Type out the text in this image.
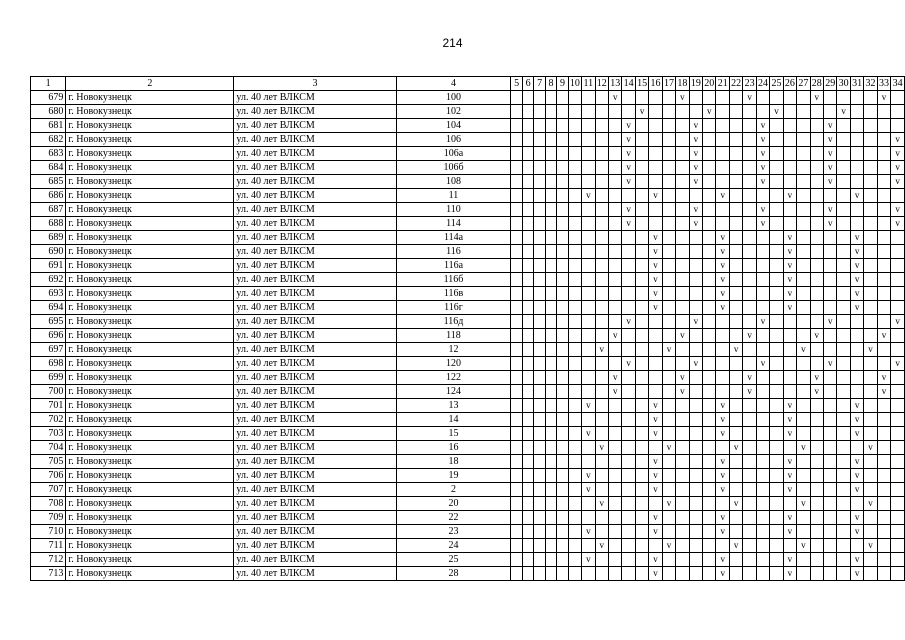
214
1	2	3	4	5	6	7	8	9	10	11	12	13	14	15	16	17	18	19	20	21	22	23	24	25	26	27	28	29	30	31	32	33	34
679	г. Новокузнецк	ул. 40 лет ВЛКСМ	100									v					v					v					v					v	
680	г. Новокузнецк	ул. 40 лет ВЛКСМ	102											v					v					v					v				
681	г. Новокузнецк	ул. 40 лет ВЛКСМ	104										v					v					v					v					
682	г. Новокузнецк	ул. 40 лет ВЛКСМ	106										v					v					v					v					v
683	г. Новокузнецк	ул. 40 лет ВЛКСМ	106а										v					v					v					v					v
684	г. Новокузнецк	ул. 40 лет ВЛКСМ	106б										v					v					v					v					v
685	г. Новокузнецк	ул. 40 лет ВЛКСМ	108										v					v					v					v					v
686	г. Новокузнецк	ул. 40 лет ВЛКСМ	11							v					v					v					v					v			
687	г. Новокузнецк	ул. 40 лет ВЛКСМ	110										v					v					v					v					v
688	г. Новокузнецк	ул. 40 лет ВЛКСМ	114										v					v					v					v					v
689	г. Новокузнецк	ул. 40 лет ВЛКСМ	114а												v					v					v					v			
690	г. Новокузнецк	ул. 40 лет ВЛКСМ	116												v					v					v					v			
691	г. Новокузнецк	ул. 40 лет ВЛКСМ	116а												v					v					v					v			
692	г. Новокузнецк	ул. 40 лет ВЛКСМ	116б												v					v					v					v			
693	г. Новокузнецк	ул. 40 лет ВЛКСМ	116в												v					v					v					v			
694	г. Новокузнецк	ул. 40 лет ВЛКСМ	116г												v					v					v					v			
695	г. Новокузнецк	ул. 40 лет ВЛКСМ	116д										v					v					v					v					v
696	г. Новокузнецк	ул. 40 лет ВЛКСМ	118									v					v					v					v					v	
697	г. Новокузнецк	ул. 40 лет ВЛКСМ	12								v					v					v					v					v		
698	г. Новокузнецк	ул. 40 лет ВЛКСМ	120										v					v					v					v					v
699	г. Новокузнецк	ул. 40 лет ВЛКСМ	122									v					v					v					v					v	
700	г. Новокузнецк	ул. 40 лет ВЛКСМ	124									v					v					v					v					v	
701	г. Новокузнецк	ул. 40 лет ВЛКСМ	13							v					v					v					v					v			
702	г. Новокузнецк	ул. 40 лет ВЛКСМ	14												v					v					v					v			
703	г. Новокузнецк	ул. 40 лет ВЛКСМ	15							v					v					v					v					v			
704	г. Новокузнецк	ул. 40 лет ВЛКСМ	16								v					v					v					v					v		
705	г. Новокузнецк	ул. 40 лет ВЛКСМ	18												v					v					v					v			
706	г. Новокузнецк	ул. 40 лет ВЛКСМ	19							v					v					v					v					v			
707	г. Новокузнецк	ул. 40 лет ВЛКСМ	2							v					v					v					v					v			
708	г. Новокузнецк	ул. 40 лет ВЛКСМ	20								v					v					v					v					v		
709	г. Новокузнецк	ул. 40 лет ВЛКСМ	22												v					v					v					v			
710	г. Новокузнецк	ул. 40 лет ВЛКСМ	23							v					v					v					v					v			
711	г. Новокузнецк	ул. 40 лет ВЛКСМ	24								v					v					v					v					v		
712	г. Новокузнецк	ул. 40 лет ВЛКСМ	25							v					v					v					v					v			
713	г. Новокузнецк	ул. 40 лет ВЛКСМ	28												v					v					v					v			
